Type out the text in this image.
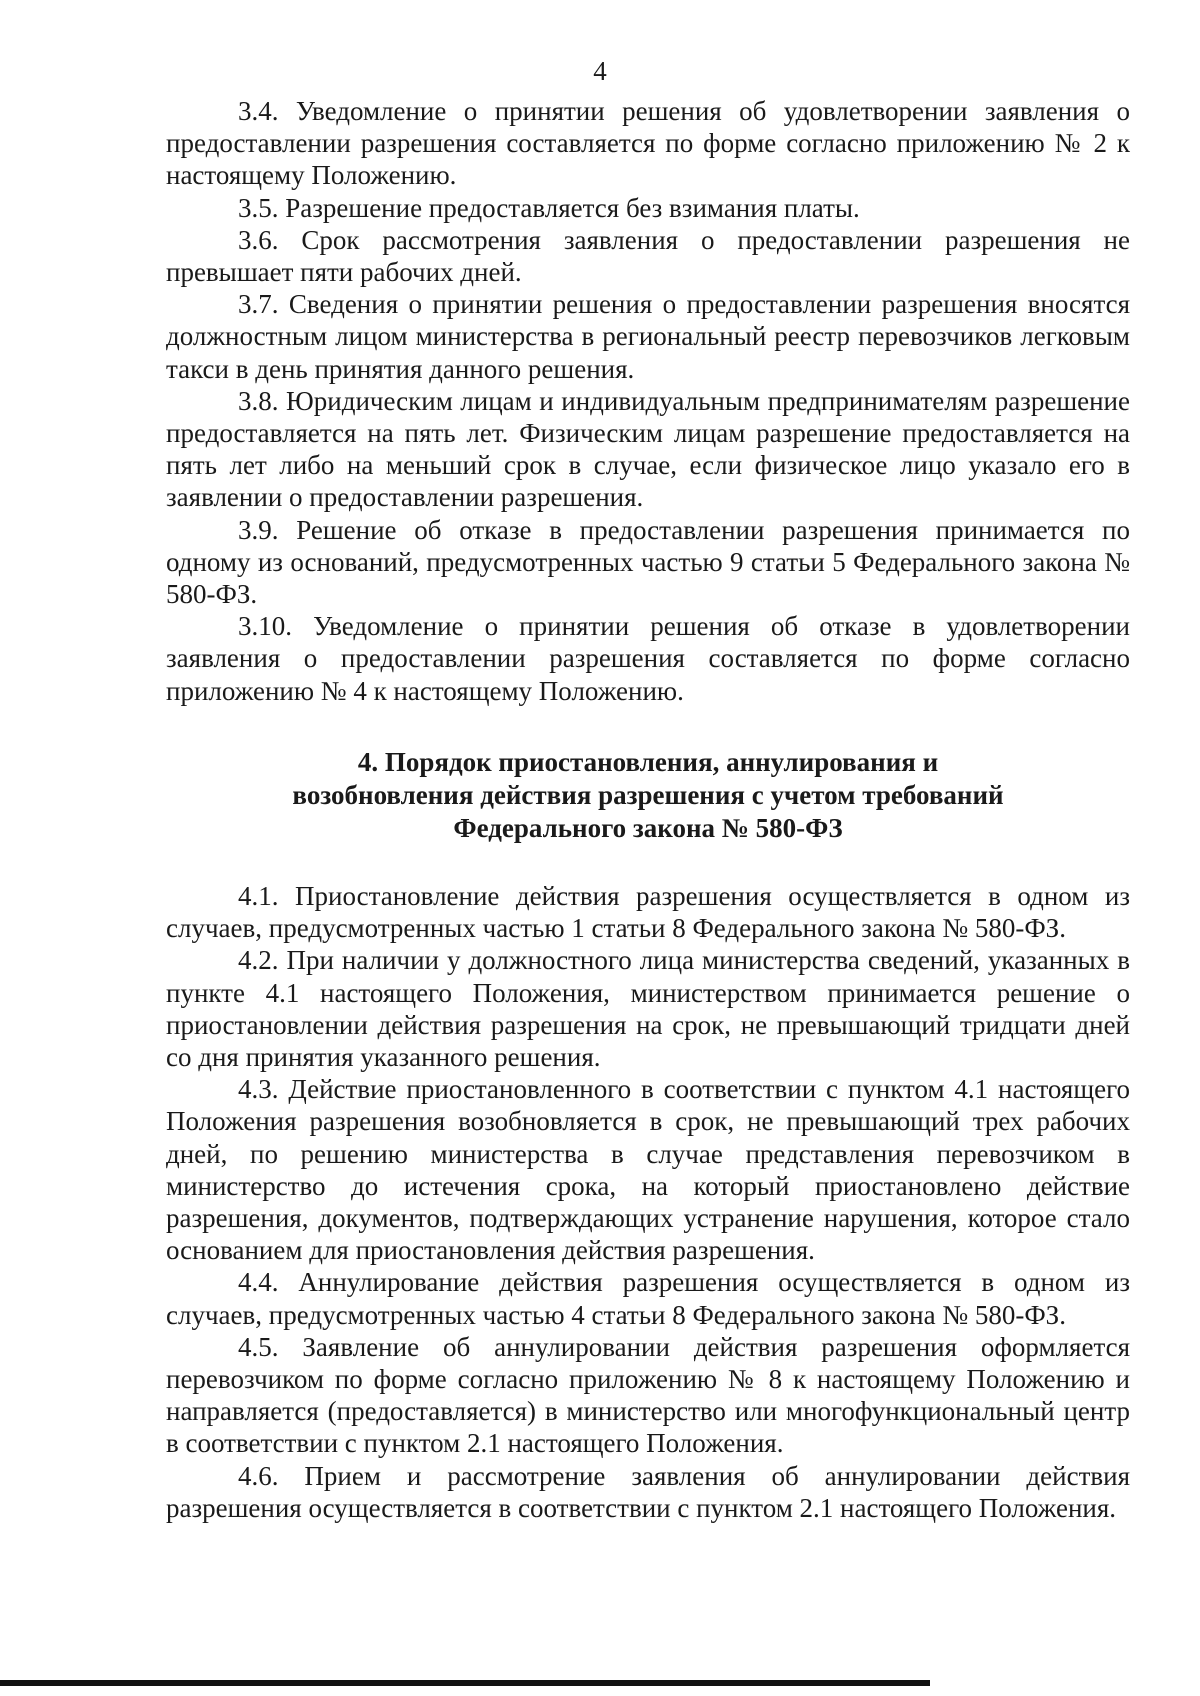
4

3.4. Уведомление о принятии решения об удовлетворении заявления о предоставлении разрешения составляется по форме согласно приложению № 2 к настоящему Положению.

3.5. Разрешение предоставляется без взимания платы.

3.6. Срок рассмотрения заявления о предоставлении разрешения не превышает пяти рабочих дней.

3.7. Сведения о принятии решения о предоставлении разрешения вносятся должностным лицом министерства в региональный реестр перевозчиков легковым такси в день принятия данного решения.

3.8. Юридическим лицам и индивидуальным предпринимателям разрешение предоставляется на пять лет. Физическим лицам разрешение предоставляется на пять лет либо на меньший срок в случае, если физическое лицо указало его в заявлении о предоставлении разрешения.

3.9. Решение об отказе в предоставлении разрешения принимается по одному из оснований, предусмотренных частью 9 статьи 5 Федерального закона № 580-ФЗ.

3.10. Уведомление о принятии решения об отказе в удовлетворении заявления о предоставлении разрешения составляется по форме согласно приложению № 4 к настоящему Положению.

4. Порядок приостановления, аннулирования и
возобновления действия разрешения с учетом требований
Федерального закона № 580-ФЗ

4.1. Приостановление действия разрешения осуществляется в одном из случаев, предусмотренных частью 1 статьи 8 Федерального закона № 580-ФЗ.

4.2. При наличии у должностного лица министерства сведений, указанных в пункте 4.1 настоящего Положения, министерством принимается решение о приостановлении действия разрешения на срок, не превышающий тридцати дней со дня принятия указанного решения.

4.3. Действие приостановленного в соответствии с пунктом 4.1 настоящего Положения разрешения возобновляется в срок, не превышающий трех рабочих дней, по решению министерства в случае представления перевозчиком в министерство до истечения срока, на который приостановлено действие разрешения, документов, подтверждающих устранение нарушения, которое стало основанием для приостановления действия разрешения.

4.4. Аннулирование действия разрешения осуществляется в одном из случаев, предусмотренных частью 4 статьи 8 Федерального закона № 580-ФЗ.

4.5. Заявление об аннулировании действия разрешения оформляется перевозчиком по форме согласно приложению № 8 к настоящему Положению и направляется (предоставляется) в министерство или многофункциональный центр в соответствии с пунктом 2.1 настоящего Положения.

4.6. Прием и рассмотрение заявления об аннулировании действия разрешения осуществляется в соответствии с пунктом 2.1 настоящего Положения.
